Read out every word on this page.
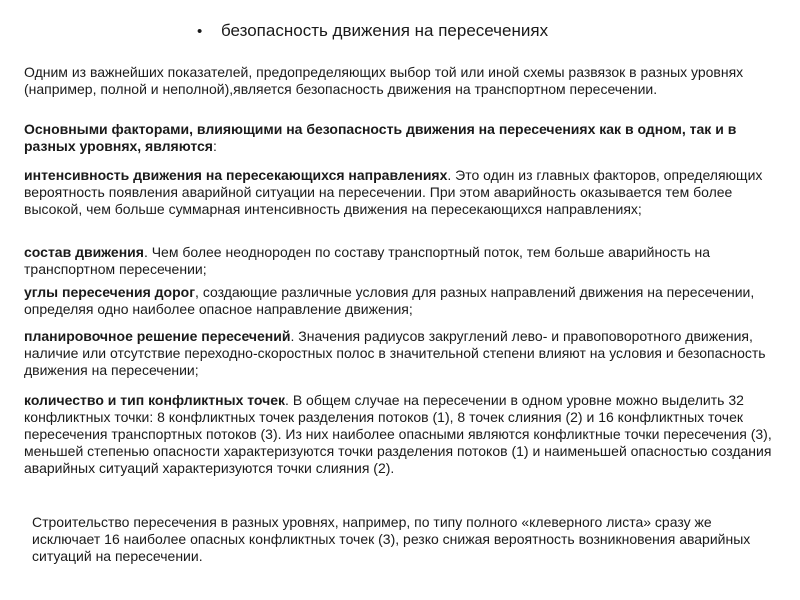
• безопасность движения на пересечениях

Одним из важнейших показателей, предопределяющих выбор той или иной схемы развязок в разных уровнях (например, полной и неполной),является безопасность движения на транспортном пересечении.

Основными факторами, влияющими на безопасность движения на пересечениях как в одном, так и в разных уровнях, являются:

интенсивность движения на пересекающихся направлениях. Это один из главных факторов, определяющих вероятность появления аварийной ситуации на пересечении. При этом аварийность оказывается тем более высокой, чем больше суммарная интенсивность движения на пересекающихся направлениях;

состав движения. Чем более неоднороден по составу транспортный поток, тем больше аварийность на транспортном пересечении;

углы пересечения дорог, создающие различные условия для разных направлений движения на пересечении, определяя одно наиболее опасное направление движения;

планировочное решение пересечений. Значения радиусов закруглений лево- и правоповоротного движения, наличие или отсутствие переходно-скоростных полос в значительной степени влияют на условия и безопасность движения на пересечении;

количество и тип конфликтных точек. В общем случае на пересечении в одном уровне можно выделить 32 конфликтных точки: 8 конфликтных точек разделения потоков (1), 8 точек слияния (2) и 16 конфликтных точек пересечения транспортных потоков (3). Из них наиболее опасными являются конфликтные точки пересечения (3), меньшей степенью опасности характеризуются точки разделения потоков (1) и наименьшей опасностью создания аварийных ситуаций характеризуются точки слияния (2).

Строительство пересечения в разных уровнях, например, по типу полного «клеверного листа» сразу же исключает 16 наиболее опасных конфликтных точек (3), резко снижая вероятность возникновения аварийных ситуаций на пересечении.
